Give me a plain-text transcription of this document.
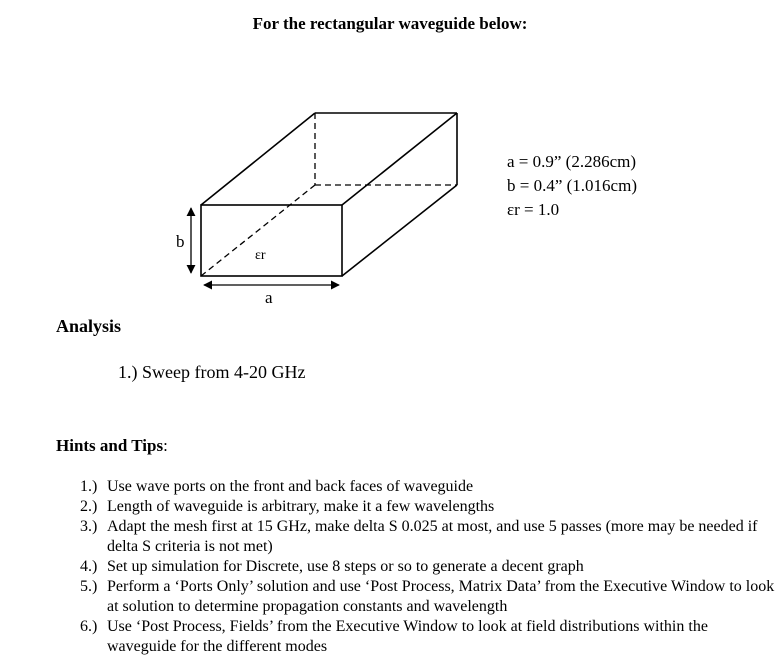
For the rectangular waveguide below:
b
a
εr
a = 0.9” (2.286cm)
b = 0.4” (1.016cm)
εr = 1.0
Analysis
1.) Sweep from 4-20 GHz
Hints and Tips:
1.) Use wave ports on the front and back faces of waveguide
2.) Length of waveguide is arbitrary, make it a few wavelengths
3.) Adapt the mesh first at 15 GHz, make delta S 0.025 at most, and use 5 passes (more may be needed if delta S criteria is not met)
4.) Set up simulation for Discrete, use 8 steps or so to generate a decent graph
5.) Perform a ‘Ports Only’ solution and use ‘Post Process, Matrix Data’ from the Executive Window to look at solution to determine propagation constants and wavelength
6.) Use ‘Post Process, Fields’ from the Executive Window to look at field distributions within the waveguide for the different modes
